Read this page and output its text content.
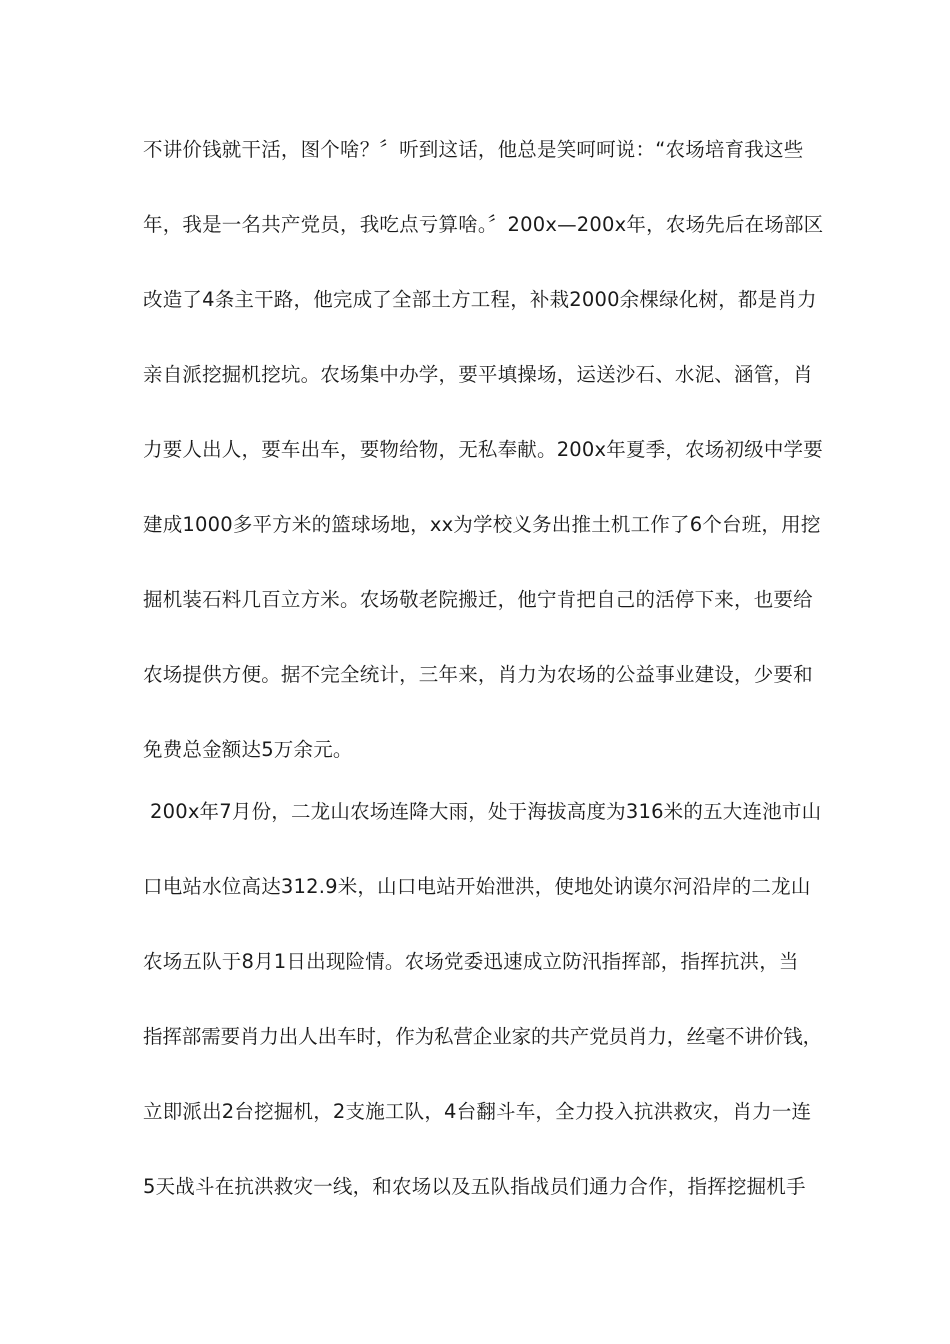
不讲价钱就干活，图个啥？〞听到这话，他总是笑呵呵说：“农场培育我这些
年，我是一名共产党员，我吃点亏算啥。〞200x—200x年，农场先后在场部区
改造了4条主干路，他完成了全部土方工程，补栽2000余棵绿化树，都是肖力
亲自派挖掘机挖坑。农场集中办学，要平填操场，运送沙石、水泥、涵管，肖
力要人出人，要车出车，要物给物，无私奉献。200x年夏季，农场初级中学要
建成1000多平方米的篮球场地，xx为学校义务出推土机工作了6个台班，用挖
掘机装石料几百立方米。农场敬老院搬迁，他宁肯把自己的活停下来，也要给
农场提供方便。据不完全统计，三年来，肖力为农场的公益事业建设，少要和
免费总金额达5万余元。
200x年7月份，二龙山农场连降大雨，处于海拔高度为316米的五大连池市山
口电站水位高达312.9米，山口电站开始泄洪，使地处讷谟尔河沿岸的二龙山
农场五队于8月1日出现险情。农场党委迅速成立防汛指挥部，指挥抗洪，当
指挥部需要肖力出人出车时，作为私营企业家的共产党员肖力，丝毫不讲价钱，
立即派出2台挖掘机，2支施工队，4台翻斗车，全力投入抗洪救灾，肖力一连
5天战斗在抗洪救灾一线，和农场以及五队指战员们通力合作，指挥挖掘机手
